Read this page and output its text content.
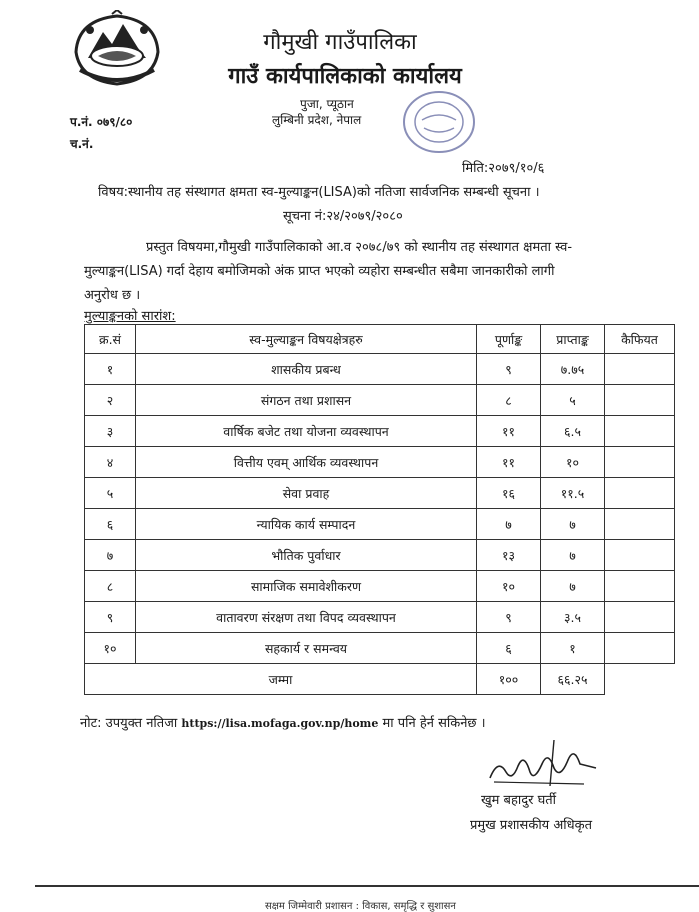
गौमुखी गाउँपालिका
गाउँ कार्यपालिकाको कार्यालय
पुजा, प्यूठान
लुम्बिनी प्रदेश, नेपाल
प.नं. ०७९/८०
च.नं.
मिति:२०७९/१०/६
विषय:स्थानीय तह संस्थागत क्षमता स्व-मुल्याङ्कन(LISA)को नतिजा सार्वजनिक सम्बन्धी सूचना ।
सूचना नं:२४/२०७९/२०८०
प्रस्तुत विषयमा,गौमुखी गाउँपालिकाको आ.व २०७८/७९ को स्थानीय तह संस्थागत क्षमता स्व-मुल्याङ्कन(LISA) गर्दा देहाय बमोजिमको अंक प्राप्त भएको व्यहोरा सम्बन्धीत सबैमा जानकारीको लागी अनुरोध छ ।
मुल्याङ्कनको सारांश:
क्र.सं	स्व-मुल्याङ्कन विषयक्षेत्रहरु	पूर्णाङ्क	प्राप्ताङ्क	कैफियत
१	शासकीय प्रबन्ध	९	७.७५	
२	संगठन तथा प्रशासन	८	५	
३	वार्षिक बजेट तथा योजना व्यवस्थापन	११	६.५	
४	वित्तीय एवम् आर्थिक व्यवस्थापन	११	१०	
५	सेवा प्रवाह	१६	११.५	
६	न्यायिक कार्य सम्पादन	७	७	
७	भौतिक पुर्वाधार	१३	७	
८	सामाजिक समावेशीकरण	१०	७	
९	वातावरण संरक्षण तथा विपद व्यवस्थापन	९	३.५	
१०	सहकार्य र समन्वय	६	१	
जम्मा		१००	६६.२५	
नोट: उपयुक्त नतिजा https://lisa.mofaga.gov.np/home मा पनि हेर्न सकिनेछ ।
खुम बहादुर घर्ती
प्रमुख प्रशासकीय अधिकृत
सक्षम जिम्मेवारी प्रशासन : विकास, समृद्धि र सुशासन
